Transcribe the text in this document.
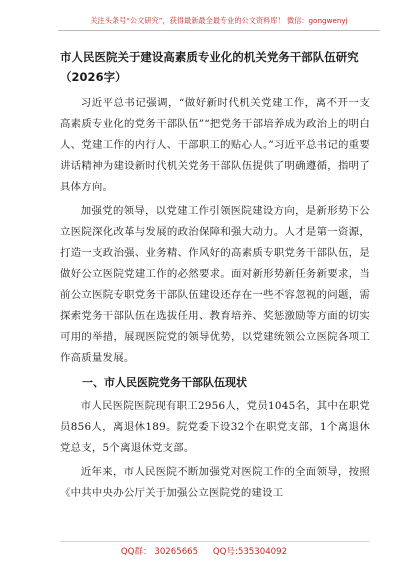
关注头条号“公文研究”，获得最新最全最专业的公文资料库！ 微信：gongwenyj
市人民医院关于建设高素质专业化的机关党务干部队伍研究（2026字）

习近平总书记强调，“做好新时代机关党建工作，离不开一支高素质专业化的党务干部队伍”“把党务干部培养成为政治上的明白人、党建工作的内行人、干部职工的贴心人。”习近平总书记的重要讲话精神为建设新时代机关党务干部队伍提供了明确遵循，指明了具体方向。

加强党的领导，以党建工作引领医院建设方向，是新形势下公立医院深化改革与发展的政治保障和强大动力。人才是第一资源，打造一支政治强、业务精、作风好的高素质专职党务干部队伍，是做好公立医院党建工作的必然要求。面对新形势新任务新要求，当前公立医院专职党务干部队伍建设还存在一些不容忽视的问题，需探索党务干部队伍在选拔任用、教育培养、奖惩激励等方面的切实可用的举措，展现医院党的领导优势，以党建统领公立医院各项工作高质量发展。

一、市人民医院党务干部队伍现状

市人民医院医院现有职工2956人，党员1045名，其中在职党员856人，离退休189。院党委下设32个在职党支部，1个离退休党总支，5个离退休党支部。

近年来，市人民医院不断加强党对医院工作的全面领导，按照《中共中央办公厅关于加强公立医院党的建设工

QQ群： 30265665 QQ号:535304092
